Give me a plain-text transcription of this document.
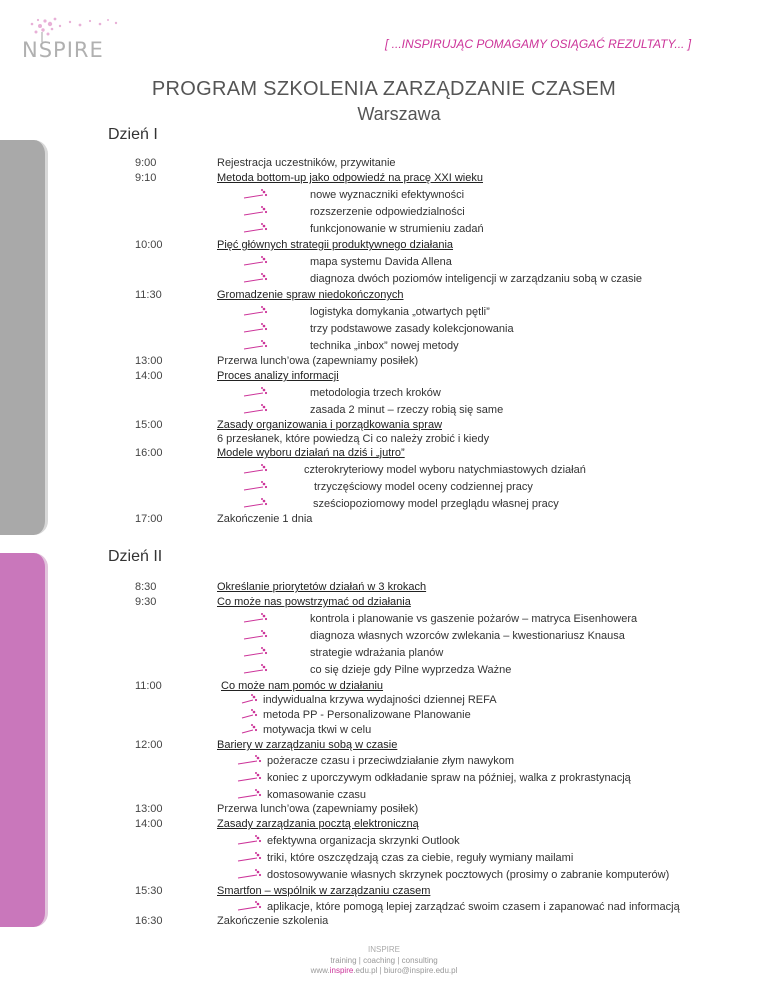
NSPIRE	[ ...INSPIRUJĄC POMAGAMY OSIĄGAĆ REZULTATY... ]
PROGRAM SZKOLENIA ZARZĄDZANIE CZASEM
Warszawa
Dzień I
Dzień II
9:00
9:10
10:00
11:30
13:00
14:00
15:00
16:00
17:00
Rejestracja uczestników, przywitanie
Metoda bottom-up jako odpowiedź na pracę XXI wieku
nowe wyznaczniki efektywności
rozszerzenie odpowiedzialności
funkcjonowanie w strumieniu zadań
Pięć głównych strategii produktywnego działania
mapa systemu Davida Allena
diagnoza dwóch poziomów inteligencji w zarządzaniu sobą w czasie
Gromadzenie spraw niedokończonych
logistyka domykania „otwartych pętli”
trzy podstawowe zasady kolekcjonowania
technika „inbox” nowej metody
Przerwa lunch’owa (zapewniamy posiłek)
Proces analizy informacji
metodologia trzech kroków
zasada 2 minut – rzeczy robią się same
Zasady organizowania i porządkowania spraw
6 przesłanek, które powiedzą Ci co należy zrobić i kiedy
Modele wyboru działań na dziś i „jutro”
czterokryteriowy model wyboru natychmiastowych działań
trzyczęściowy model oceny codziennej pracy
sześciopoziomowy model przeglądu własnej pracy
Zakończenie 1 dnia
8:30
9:30
11:00
12:00
13:00
14:00
15:30
16:30
Określanie priorytetów działań w 3 krokach
Co może nas powstrzymać od działania
kontrola i planowanie vs gaszenie pożarów – matryca Eisenhowera
diagnoza własnych wzorców zwlekania – kwestionariusz Knausa
strategie wdrażania planów
co się dzieje gdy Pilne wyprzedza Ważne
Co może nam pomóc w działaniu
indywidualna krzywa wydajności dziennej REFA
metoda PP - Personalizowane Planowanie
motywacja tkwi w celu
Bariery w zarządzaniu sobą w czasie
pożeracze czasu i przeciwdziałanie złym nawykom
koniec z uporczywym odkładanie spraw na później, walka z prokrastynacją
komasowanie czasu
Przerwa lunch’owa (zapewniamy posiłek)
Zasady zarządzania pocztą elektroniczną
efektywna organizacja skrzynki Outlook
triki, które oszczędzają czas za ciebie, reguły wymiany mailami
dostosowywanie własnych skrzynek pocztowych (prosimy o zabranie komputerów)
Smartfon – wspólnik w zarządzaniu czasem
aplikacje, które pomogą lepiej zarządzać swoim czasem i zapanować nad informacją
Zakończenie szkolenia
INSPIRE
training | coaching | consulting
www.inspire.edu.pl | biuro@inspire.edu.pl
